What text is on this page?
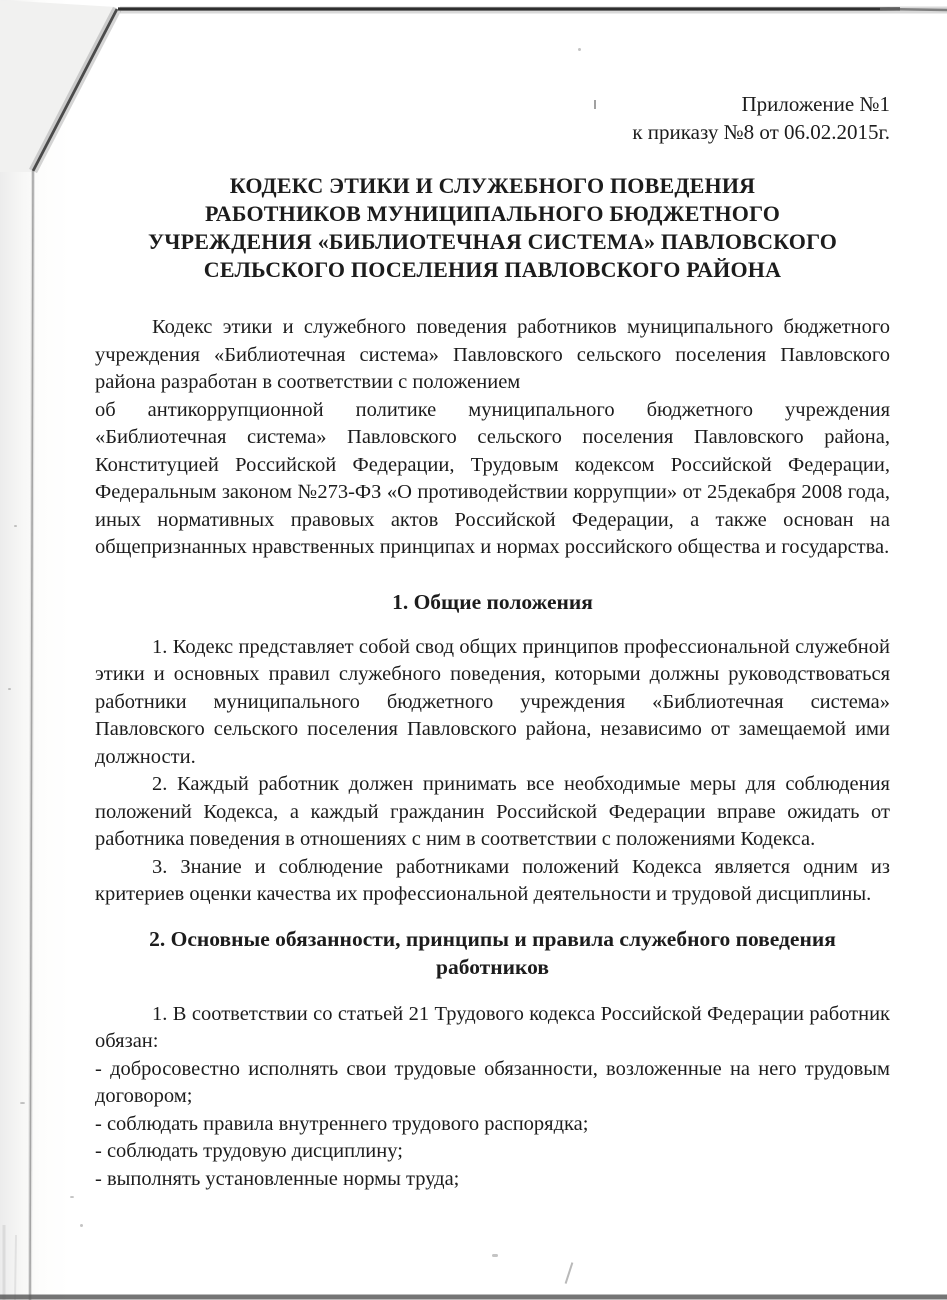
Приложение №1
к приказу №8 от 06.02.2015г.
КОДЕКС ЭТИКИ И СЛУЖЕБНОГО ПОВЕДЕНИЯ
РАБОТНИКОВ МУНИЦИПАЛЬНОГО БЮДЖЕТНОГО
УЧРЕЖДЕНИЯ «БИБЛИОТЕЧНАЯ СИСТЕМА» ПАВЛОВСКОГО
СЕЛЬСКОГО ПОСЕЛЕНИЯ ПАВЛОВСКОГО РАЙОНА

Кодекс этики и служебного поведения работников муниципального бюджетного учреждения «Библиотечная система» Павловского сельского поселения Павловского района разработан в соответствии с положением

об антикоррупционной политике муниципального бюджетного учреждения «Библиотечная система» Павловского сельского поселения Павловского района, Конституцией Российской Федерации, Трудовым кодексом Российской Федерации, Федеральным законом №273-ФЗ «О противодействии коррупции» от 25декабря 2008 года, иных нормативных правовых актов Российской Федерации, а также основан на общепризнанных нравственных принципах и нормах российского общества и государства.

1. Общие положения

1. Кодекс представляет собой свод общих принципов профессиональной служебной этики и основных правил служебного поведения, которыми должны руководствоваться работники муниципального бюджетного учреждения «Библиотечная система» Павловского сельского поселения Павловского района, независимо от замещаемой ими должности.

2. Каждый работник должен принимать все необходимые меры для соблюдения положений Кодекса, а каждый гражданин Российской Федерации вправе ожидать от работника поведения в отношениях с ним в соответствии с положениями Кодекса.

3. Знание и соблюдение работниками положений Кодекса является одним из критериев оценки качества их профессиональной деятельности и трудовой дисциплины.

2. Основные обязанности, принципы и правила служебного поведения работников

1. В соответствии со статьей 21 Трудового кодекса Российской Федерации работник обязан:

- добросовестно исполнять свои трудовые обязанности, возложенные на него трудовым договором;

- соблюдать правила внутреннего трудового распорядка;

- соблюдать трудовую дисциплину;

- выполнять установленные нормы труда;
